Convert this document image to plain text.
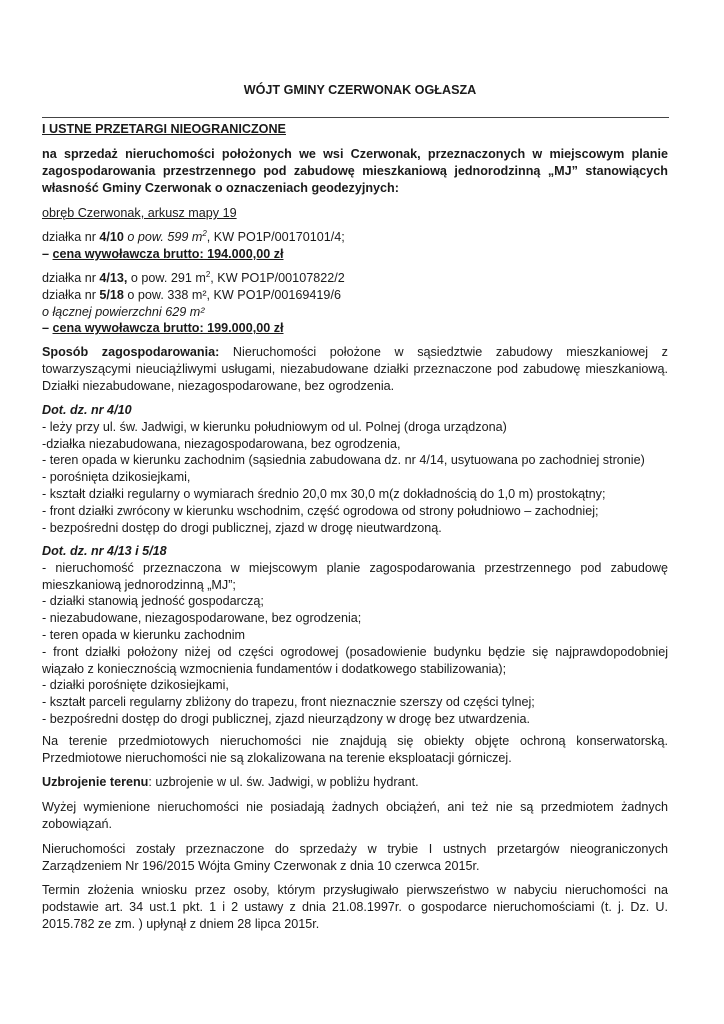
WÓJT GMINY CZERWONAK OGŁASZA

I USTNE PRZETARGI NIEOGRANICZONE

na sprzedaż nieruchomości położonych we wsi Czerwonak, przeznaczonych w miejscowym planie zagospodarowania przestrzennego pod zabudowę mieszkaniową jednorodzinną „MJ” stanowiących własność Gminy Czerwonak o oznaczeniach geodezyjnych:

obręb Czerwonak, arkusz mapy 19

działka nr 4/10 o pow. 599 $m^2$, KW PO1P/00170101/4;
– cena wywoławcza brutto: 194.000,00 zł
działka nr 4/13, o pow. 291 $m^2$, KW PO1P/00107822/2
działka nr 5/18 o pow. 338 m², KW PO1P/00169419/6
o łącznej powierzchni 629 m²
– cena wywoławcza brutto: 199.000,00 zł

Sposób zagospodarowania: Nieruchomości położone w sąsiedztwie zabudowy mieszkaniowej z towarzyszącymi nieuciążliwymi usługami, niezabudowane działki przeznaczone pod zabudowę mieszkaniową. Działki niezabudowane, niezagospodarowane, bez ogrodzenia.

Dot. dz. nr 4/10
- leży przy ul. św. Jadwigi, w kierunku południowym od ul. Polnej (droga urządzona)
-działka niezabudowana, niezagospodarowana, bez ogrodzenia,
- teren opada w kierunku zachodnim (sąsiednia zabudowana dz. nr 4/14, usytuowana po zachodniej stronie)
- porośnięta dzikosiejkami,
- kształt działki regularny o wymiarach średnio 20,0 mx 30,0 m(z dokładnością do 1,0 m) prostokątny;
- front działki zwrócony w kierunku wschodnim, część ogrodowa od strony południowo – zachodniej;
- bezpośredni dostęp do drogi publicznej, zjazd w drogę nieutwardzoną.
Dot. dz. nr 4/13 i 5/18
- nieruchomość przeznaczona w miejscowym planie zagospodarowania przestrzennego pod zabudowę mieszkaniową jednorodzinną „MJ”;
- działki stanowią jedność gospodarczą;
- niezabudowane, niezagospodarowane, bez ogrodzenia;
- teren opada w kierunku zachodnim
- front działki położony niżej od części ogrodowej (posadowienie budynku będzie się najprawdopodobniej wiązało z koniecznością wzmocnienia fundamentów i dodatkowego stabilizowania);
- działki porośnięte dzikosiejkami,
- kształt parceli regularny zbliżony do trapezu, front nieznacznie szerszy od części tylnej;
- bezpośredni dostęp do drogi publicznej, zjazd nieurządzony w drogę bez utwardzenia.

Na terenie przedmiotowych nieruchomości nie znajdują się obiekty objęte ochroną konserwatorską. Przedmiotowe nieruchomości nie są zlokalizowana na terenie eksploatacji górniczej.

Uzbrojenie terenu: uzbrojenie w ul. św. Jadwigi, w pobliżu hydrant.

Wyżej wymienione nieruchomości nie posiadają żadnych obciążeń, ani też nie są przedmiotem żadnych zobowiązań.

Nieruchomości zostały przeznaczone do sprzedaży w trybie I ustnych przetargów nieograniczonych Zarządzeniem Nr 196/2015 Wójta Gminy Czerwonak z dnia 10 czerwca 2015r.

Termin złożenia wniosku przez osoby, którym przysługiwało pierwszeństwo w nabyciu nieruchomości na podstawie art. 34 ust.1 pkt. 1 i 2 ustawy z dnia 21.08.1997r. o gospodarce nieruchomościami (t. j. Dz. U. 2015.782 ze zm. ) upłynął z dniem 28 lipca 2015r.
